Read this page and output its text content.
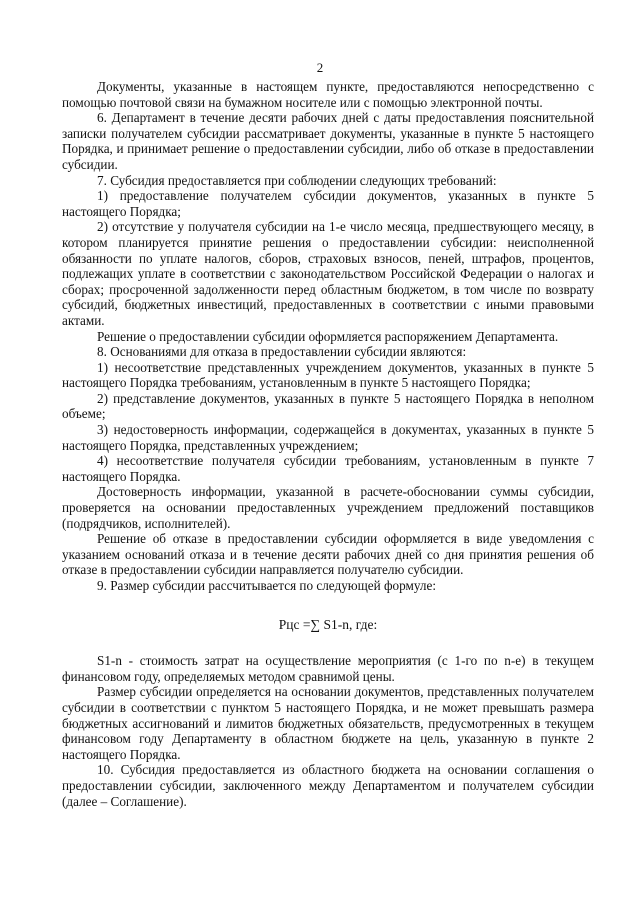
2

Документы, указанные в настоящем пункте, предоставляются непосредственно с помощью почтовой связи на бумажном носителе или с помощью электронной почты.

6. Департамент в течение десяти рабочих дней с даты предоставления пояснительной записки получателем субсидии рассматривает документы, указанные в пункте 5 настоящего Порядка, и принимает решение о предоставлении субсидии, либо об отказе в предоставлении субсидии.

7. Субсидия предоставляется при соблюдении следующих требований:

1) предоставление получателем субсидии документов, указанных в пункте 5 настоящего Порядка;

2) отсутствие у получателя субсидии на 1-е число месяца, предшествующего месяцу, в котором планируется принятие решения о предоставлении субсидии: неисполненной обязанности по уплате налогов, сборов, страховых взносов, пеней, штрафов, процентов, подлежащих уплате в соответствии с законодательством Российской Федерации о налогах и сборах; просроченной задолженности перед областным бюджетом, в том числе по возврату субсидий, бюджетных инвестиций, предоставленных в соответствии с иными правовыми актами.

Решение о предоставлении субсидии оформляется распоряжением Департамента.

8. Основаниями для отказа в предоставлении субсидии являются:

1) несоответствие представленных учреждением документов, указанных в пункте 5 настоящего Порядка требованиям, установленным в пункте 5 настоящего Порядка;

2) представление документов, указанных в пункте 5 настоящего Порядка в неполном объеме;

3) недостоверность информации, содержащейся в документах, указанных в пункте 5 настоящего Порядка, представленных учреждением;

4) несоответствие получателя субсидии требованиям, установленным в пункте 7 настоящего Порядка.

Достоверность информации, указанной в расчете-обосновании суммы субсидии, проверяется на основании предоставленных учреждением предложений поставщиков (подрядчиков, исполнителей).

Решение об отказе в предоставлении субсидии оформляется в виде уведомления с указанием оснований отказа и в течение десяти рабочих дней со дня принятия решения об отказе в предоставлении субсидии направляется получателю субсидии.

9. Размер субсидии рассчитывается по следующей формуле:

Рцс =∑ S1-n, где:

S1-n - стоимость затрат на осуществление мероприятия (с 1-го по n-е) в текущем финансовом году, определяемых методом сравнимой цены.

Размер субсидии определяется на основании документов, представленных получателем субсидии в соответствии с пунктом 5 настоящего Порядка, и не может превышать размера бюджетных ассигнований и лимитов бюджетных обязательств, предусмотренных в текущем финансовом году Департаменту в областном бюджете на цель, указанную в пункте 2 настоящего Порядка.

10. Субсидия предоставляется из областного бюджета на основании соглашения о предоставлении субсидии, заключенного между Департаментом и получателем субсидии (далее – Соглашение).
